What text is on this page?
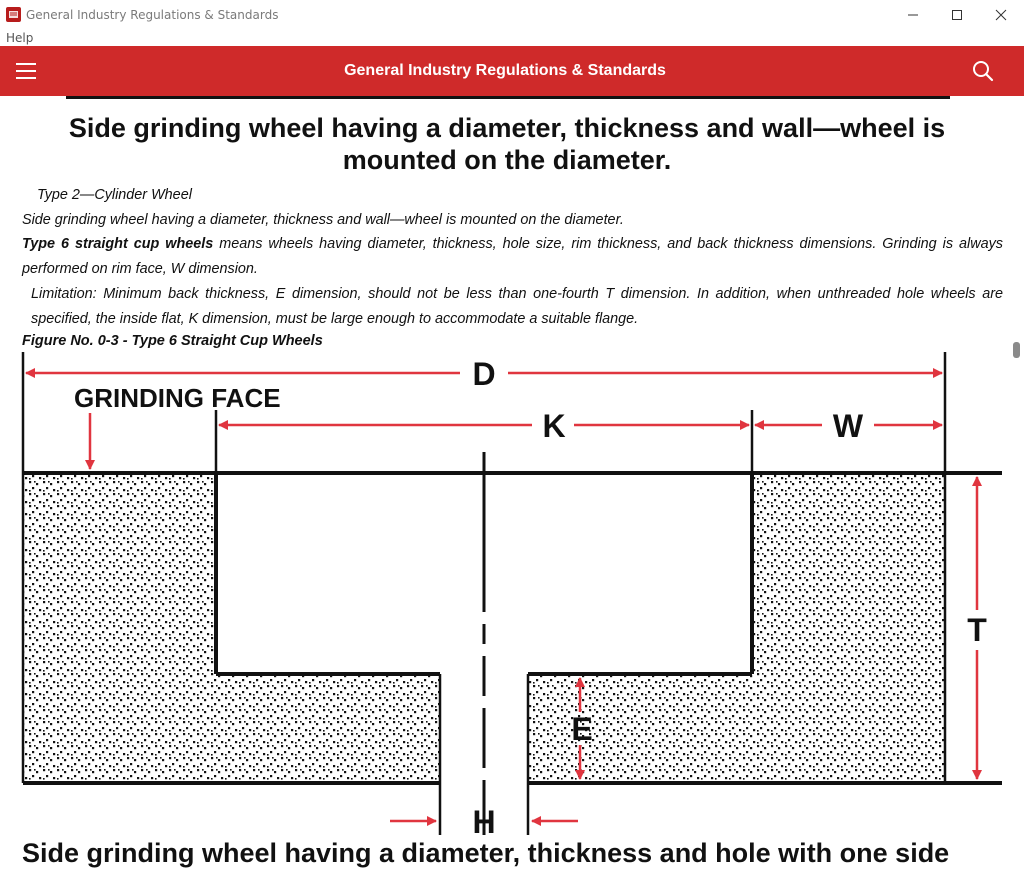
General Industry Regulations & Standards
Help
General Industry Regulations & Standards
Side grinding wheel having a diameter, thickness and wall—wheel is mounted on the diameter.
Type 2—Cylinder Wheel
Side grinding wheel having a diameter, thickness and wall—wheel is mounted on the diameter.
Type 6 straight cup wheels means wheels having diameter, thickness, hole size, rim thickness, and back thickness dimensions. Grinding is always performed on rim face, W dimension.
Limitation: Minimum back thickness, E dimension, should not be less than one-fourth T dimension. In addition, when unthreaded hole wheels are specified, the inside flat, K dimension, must be large enough to accommodate a suitable flange.
Figure No. 0-3 - Type 6 Straight Cup Wheels
GRINDING FACE
D
K	W
T
E
H
Side grinding wheel having a diameter, thickness and hole with one side
